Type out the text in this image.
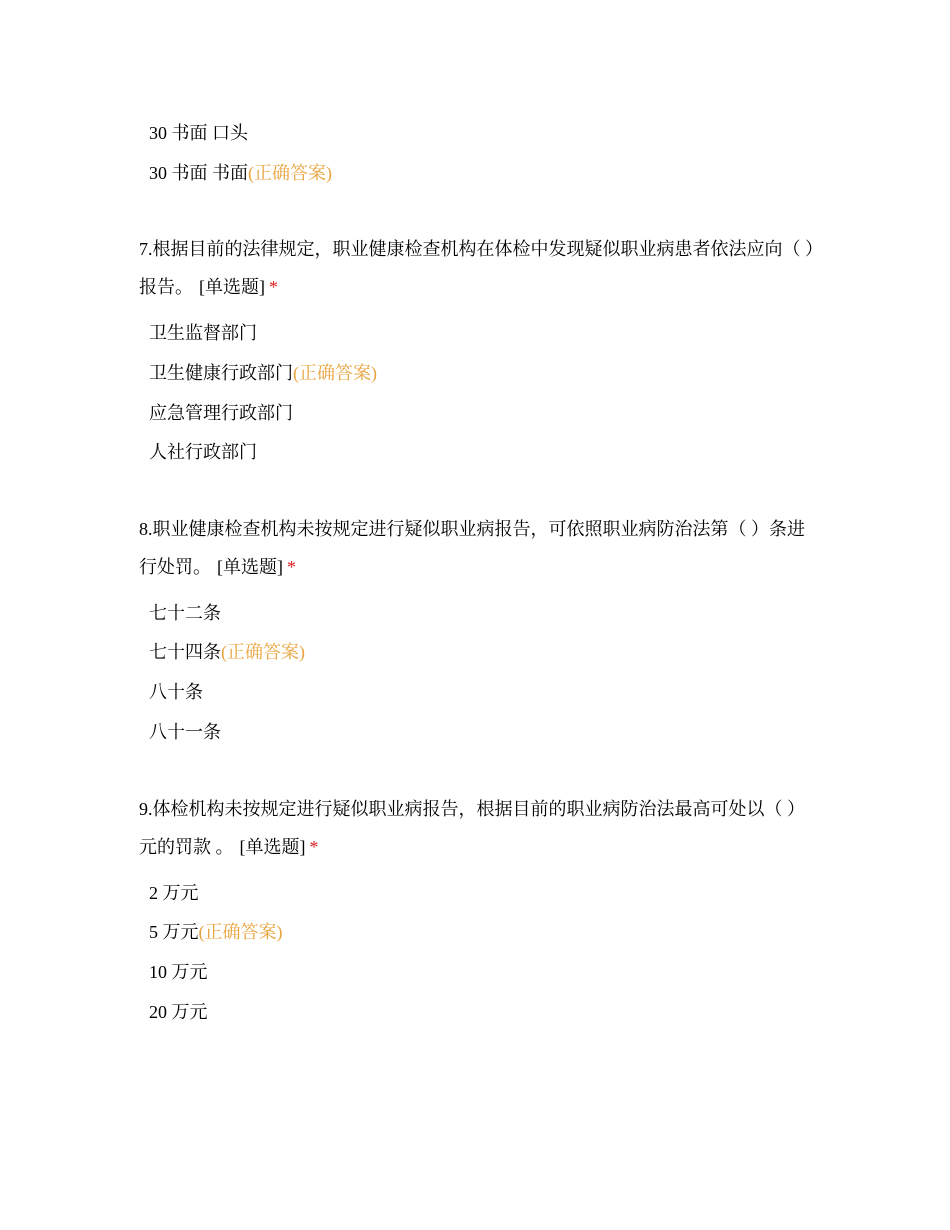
30 书面 口头
30 书面 书面(正确答案)
7.根据目前的法律规定，职业健康检查机构在体检中发现疑似职业病患者依法应向（ ）报告。 [单选题] *
卫生监督部门
卫生健康行政部门(正确答案)
应急管理行政部门
人社行政部门
8.职业健康检查机构未按规定进行疑似职业病报告，可依照职业病防治法第（ ）条进行处罚。 [单选题] *
七十二条
七十四条(正确答案)
八十条
八十一条
9.体检机构未按规定进行疑似职业病报告，根据目前的职业病防治法最高可处以（ ）元的罚款 。 [单选题] *
2 万元
5 万元(正确答案)
10 万元
20 万元
